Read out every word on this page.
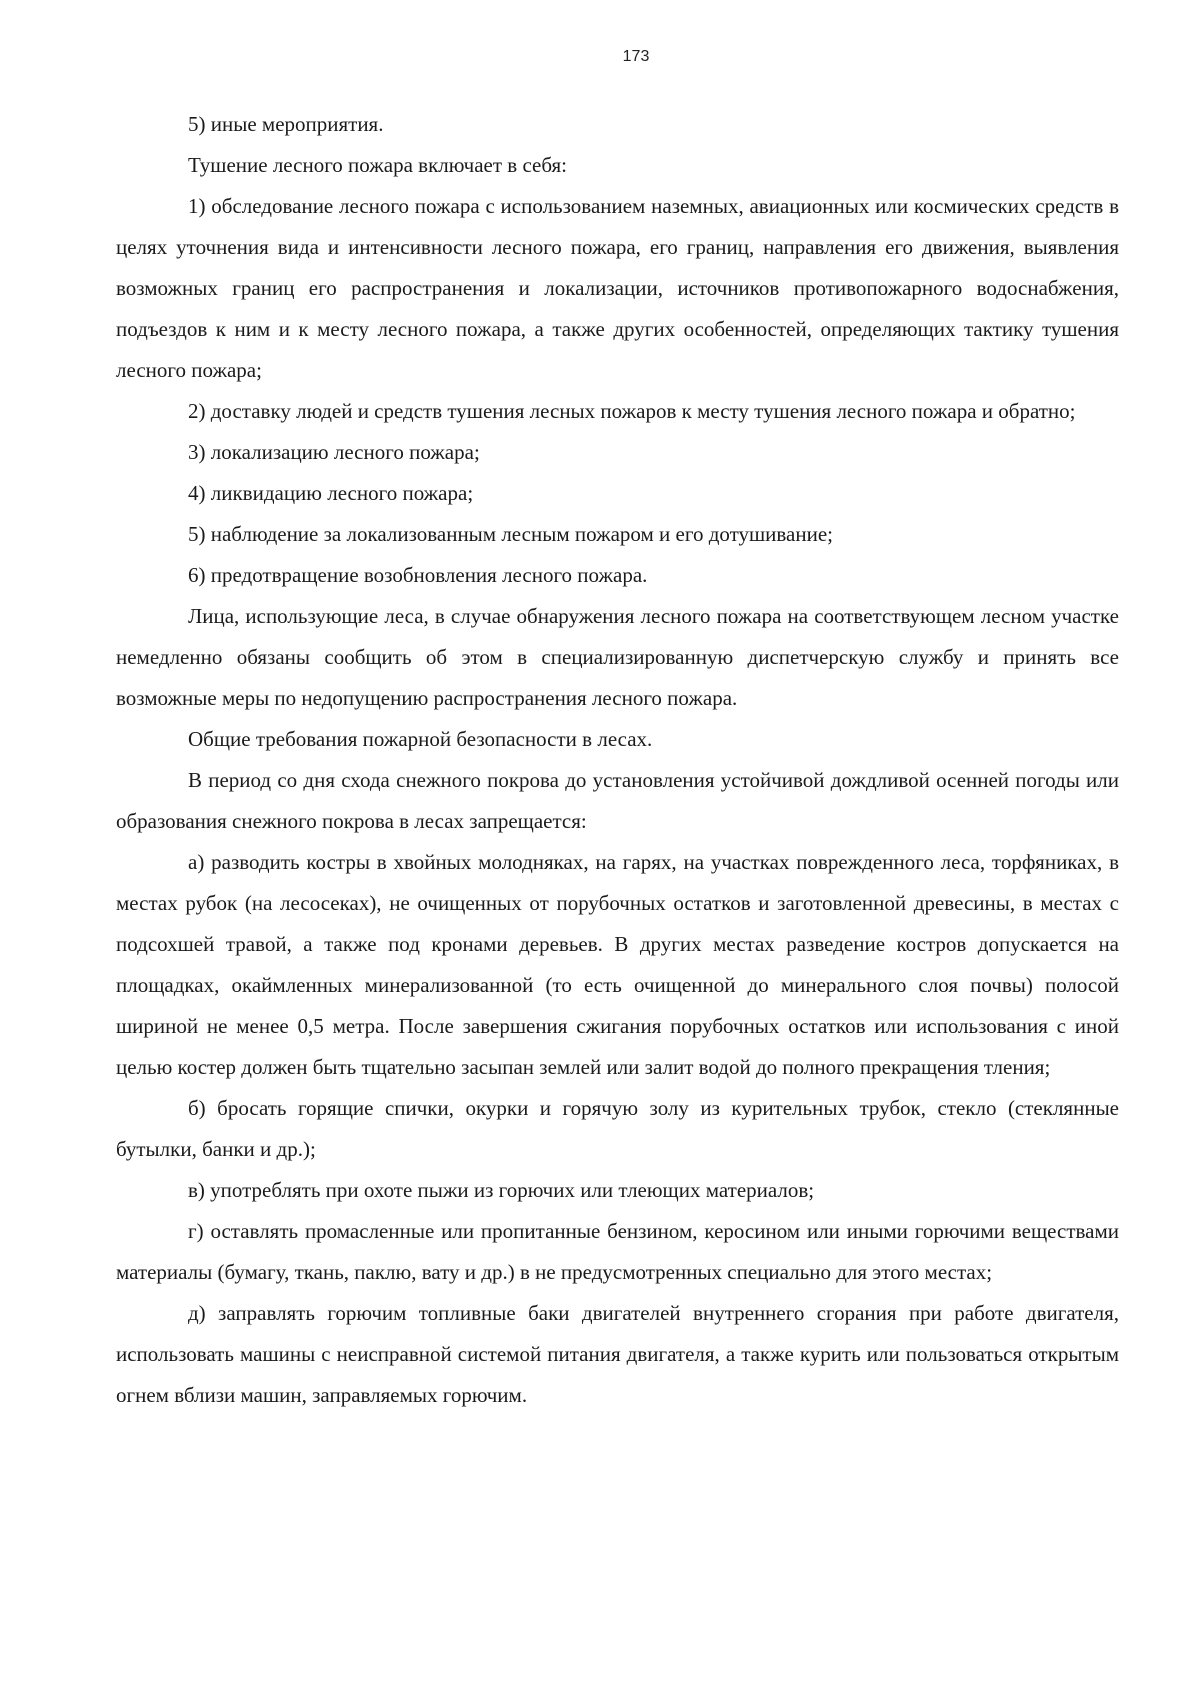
173

5) иные мероприятия.

Тушение лесного пожара включает в себя:

1) обследование лесного пожара с использованием наземных, авиационных или космических средств в целях уточнения вида и интенсивности лесного пожара, его границ, направления его движения, выявления возможных границ его распространения и локализации, источников противопожарного водоснабжения, подъездов к ним и к месту лесного пожара, а также других особенностей, определяющих тактику тушения лесного пожара;

2) доставку людей и средств тушения лесных пожаров к месту тушения лесного пожара и обратно;

3) локализацию лесного пожара;

4) ликвидацию лесного пожара;

5) наблюдение за локализованным лесным пожаром и его дотушивание;

6) предотвращение возобновления лесного пожара.

Лица, использующие леса, в случае обнаружения лесного пожара на соответствующем лесном участке немедленно обязаны сообщить об этом в специализированную диспетчерскую службу и принять все возможные меры по недопущению распространения лесного пожара.

Общие требования пожарной безопасности в лесах.

В период со дня схода снежного покрова до установления устойчивой дождливой осенней погоды или образования снежного покрова в лесах запрещается:

а) разводить костры в хвойных молодняках, на гарях, на участках поврежденного леса, торфяниках, в местах рубок (на лесосеках), не очищенных от порубочных остатков и заготовленной древесины, в местах с подсохшей травой, а также под кронами деревьев. В других местах разведение костров допускается на площадках, окаймленных минерализованной (то есть очищенной до минерального слоя почвы) полосой шириной не менее 0,5 метра. После завершения сжигания порубочных остатков или использования с иной целью костер должен быть тщательно засыпан землей или залит водой до полного прекращения тления;

б) бросать горящие спички, окурки и горячую золу из курительных трубок, стекло (стеклянные бутылки, банки и др.);

в) употреблять при охоте пыжи из горючих или тлеющих материалов;

г) оставлять промасленные или пропитанные бензином, керосином или иными горючими веществами материалы (бумагу, ткань, паклю, вату и др.) в не предусмотренных специально для этого местах;

д) заправлять горючим топливные баки двигателей внутреннего сгорания при работе двигателя, использовать машины с неисправной системой питания двигателя, а также курить или пользоваться открытым огнем вблизи машин, заправляемых горючим.
